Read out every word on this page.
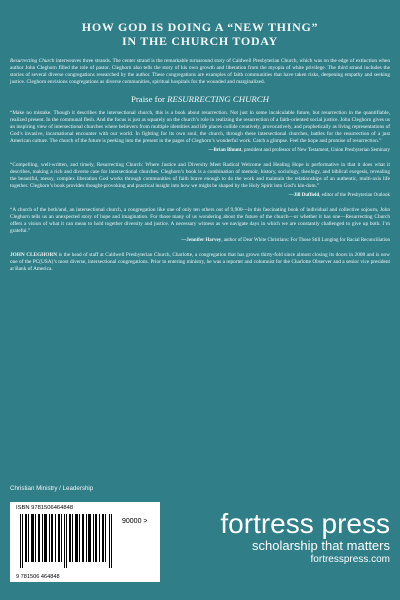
HOW GOD IS DOING A “NEW THING”
IN THE CHURCH TODAY

Resurrecting Church interweaves three strands. The center strand is the remarkable turnaround story of Caldwell Presbyterian Church, which was on the edge of extinction when author John Cleghorn filled the role of pastor. Cleghorn also tells the story of his own growth and liberation from the myopia of white privilege. The third strand includes the stories of several diverse congregations researched by the author. These congregations are examples of faith communities that have taken risks, deepening empathy and seeking justice. Cleghorn envisions congregations as diverse communities, spiritual hospitals for the wounded and marginalized.

Praise for RESURRECTING CHURCH

“Make no mistake. Though it describes the intersectional church, this is a book about resurrection. Not just in some incalculable future, but resurrection in the quantifiable, realized present. In the communal flesh. And the focus is just as squarely on the church’s role in realizing the resurrection of a faith-oriented social justice. John Cleghorn gives us an inspiring view of intersectional churches where believers from multiple identities and life places collide creatively, provocatively, and prophetically as living representations of God’s invasive, incarnational encounter with our world. In fighting for its own soul, the church, through these intersectional churches, battles for the resurrection of a just American culture. The church of the future is peeking into the present in the pages of Cleghorn’s wonderful work. Catch a glimpse. Feel the hope and promise of resurrection.”

—Brian Blount, president and professor of New Testament, Union Presbyterian Seminary

“Compelling, well-written, and timely, Resurrecting Church: Where Justice and Diversity Meet Radical Welcome and Healing Hope is performative in that it does what it describes, making a rich and diverse case for intersectional churches. Cleghorn’s book is a combination of memoir, history, sociology, theology, and biblical exegesis, revealing the beautiful, messy, complex liberation God works through communities of faith brave enough to do the work and maintain the relationships of an authentic, multi-axis life together. Cleghorn’s book provides thought-provoking and practical insight into how we might be shaped by the Holy Spirit into God’s kin-dom.”

—Jill Duffield, editor of the Presbyterian Outlook

“A church of the both/and, an intersectional church, a congregation like one of only ten others out of 9,900—in this fascinating book of individual and collective sojourn, John Cleghorn tells us an unexpected story of hope and imagination. For those many of us wondering about the future of the church—or whether it has one—Resurrecting Church offers a vision of what it can mean to hold together diversity and justice. A necessary witness as we navigate days in which we are constantly challenged to give up both. I’m grateful.”

—Jennifer Harvey, author of Dear White Christians: For Those Still Longing for Racial Reconciliation

JOHN CLEGHORN is the head of staff at Caldwell Presbyterian Church, Charlotte, a congregation that has grown thirty-fold since almost closing its doors in 2008 and is now one of the PC(USA)’s most diverse, intersectional congregations. Prior to entering ministry, he was a reporter and columnist for the Charlotte Observer and a senior vice president at Bank of America.

Christian Ministry / Leadership
ISBN 9781506464848
90000 >
9 781506 464848
fortress press
scholarship that matters
fortresspress.com
